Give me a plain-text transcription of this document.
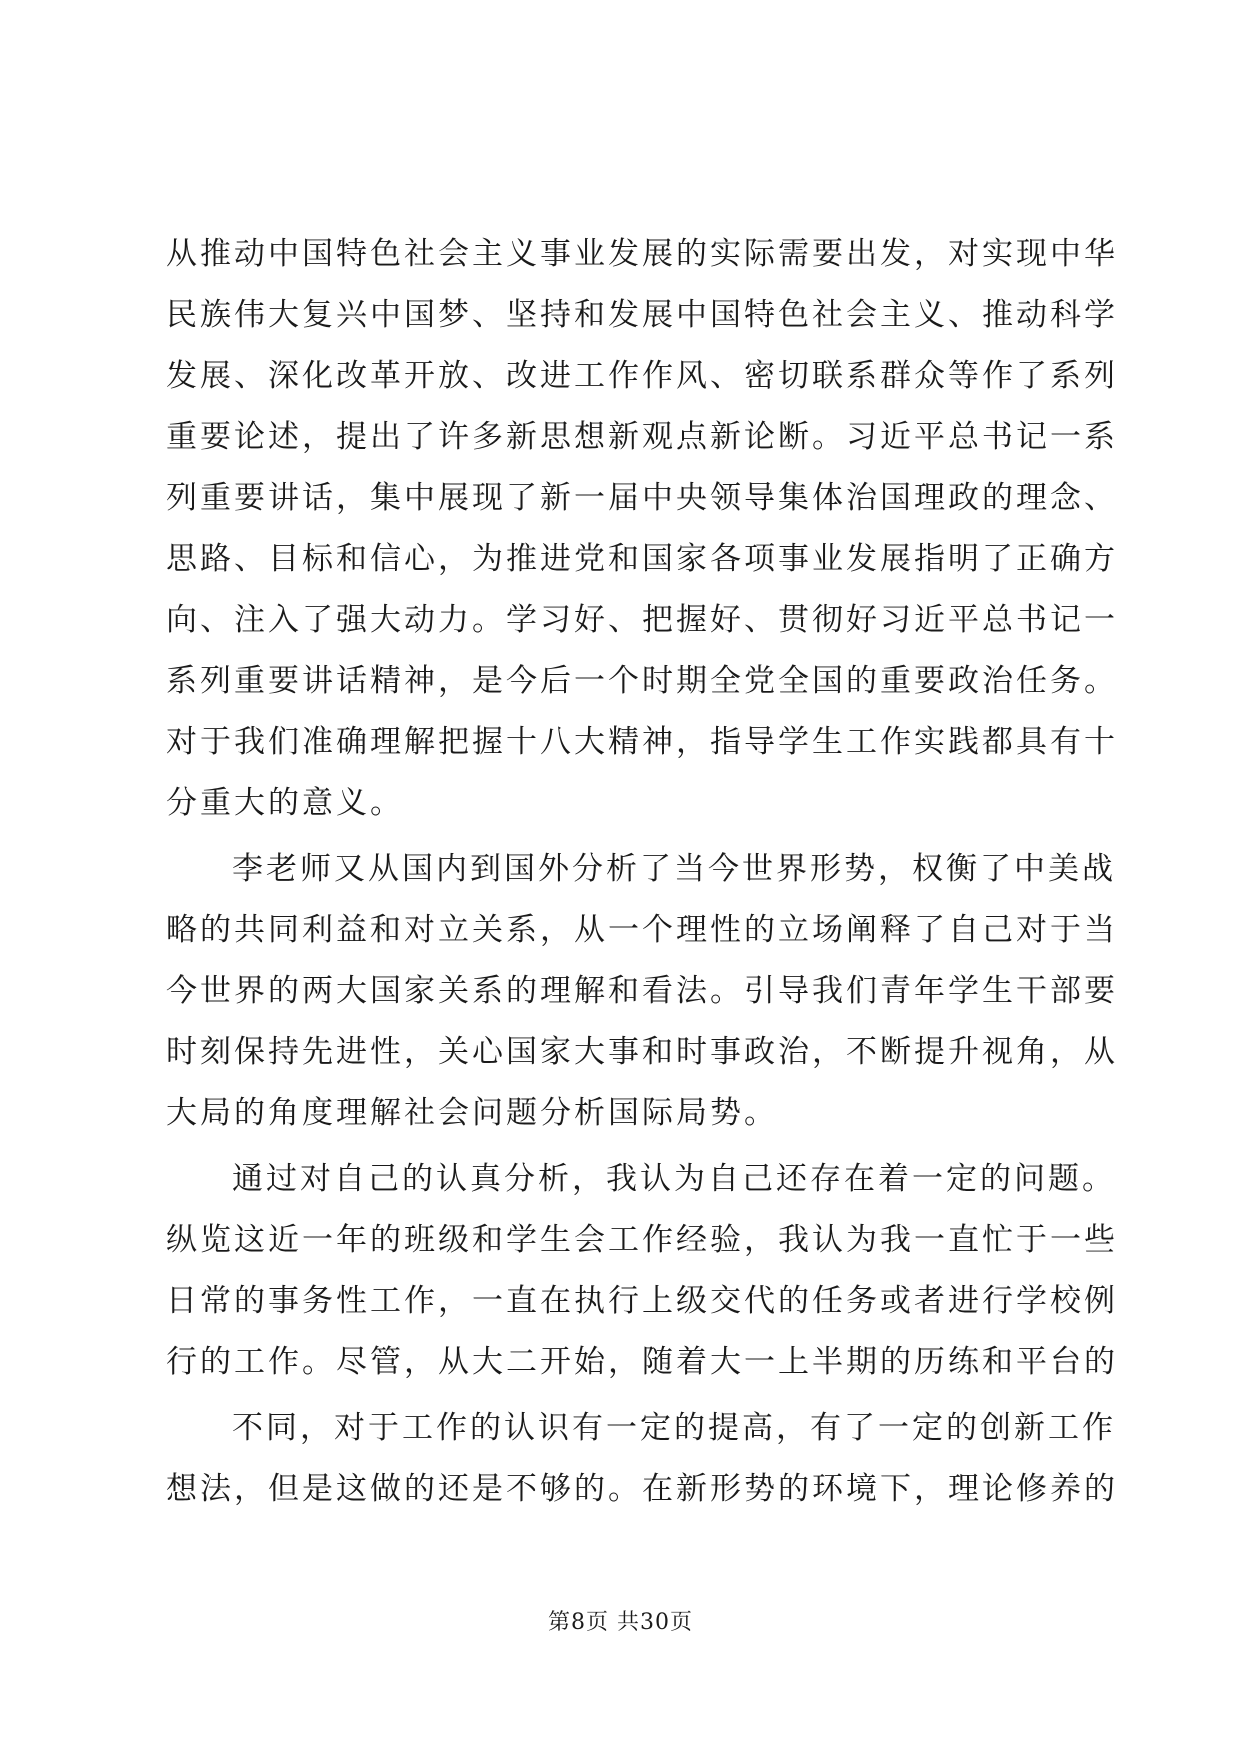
从推动中国特色社会主义事业发展的实际需要出发，对实现中华
民族伟大复兴中国梦、坚持和发展中国特色社会主义、推动科学
发展、深化改革开放、改进工作作风、密切联系群众等作了系列
重要论述，提出了许多新思想新观点新论断。习近平总书记一系
列重要讲话，集中展现了新一届中央领导集体治国理政的理念、
思路、目标和信心，为推进党和国家各项事业发展指明了正确方
向、注入了强大动力。学习好、把握好、贯彻好习近平总书记一
系列重要讲话精神，是今后一个时期全党全国的重要政治任务。
对于我们准确理解把握十八大精神，指导学生工作实践都具有十
分重大的意义。
李老师又从国内到国外分析了当今世界形势，权衡了中美战
略的共同利益和对立关系，从一个理性的立场阐释了自己对于当
今世界的两大国家关系的理解和看法。引导我们青年学生干部要
时刻保持先进性，关心国家大事和时事政治，不断提升视角，从
大局的角度理解社会问题分析国际局势。
通过对自己的认真分析，我认为自己还存在着一定的问题。
纵览这近一年的班级和学生会工作经验，我认为我一直忙于一些
日常的事务性工作，一直在执行上级交代的任务或者进行学校例
行的工作。尽管，从大二开始，随着大一上半期的历练和平台的
不同，对于工作的认识有一定的提高，有了一定的创新工作
想法，但是这做的还是不够的。在新形势的环境下，理论修养的
第8页 共30页
